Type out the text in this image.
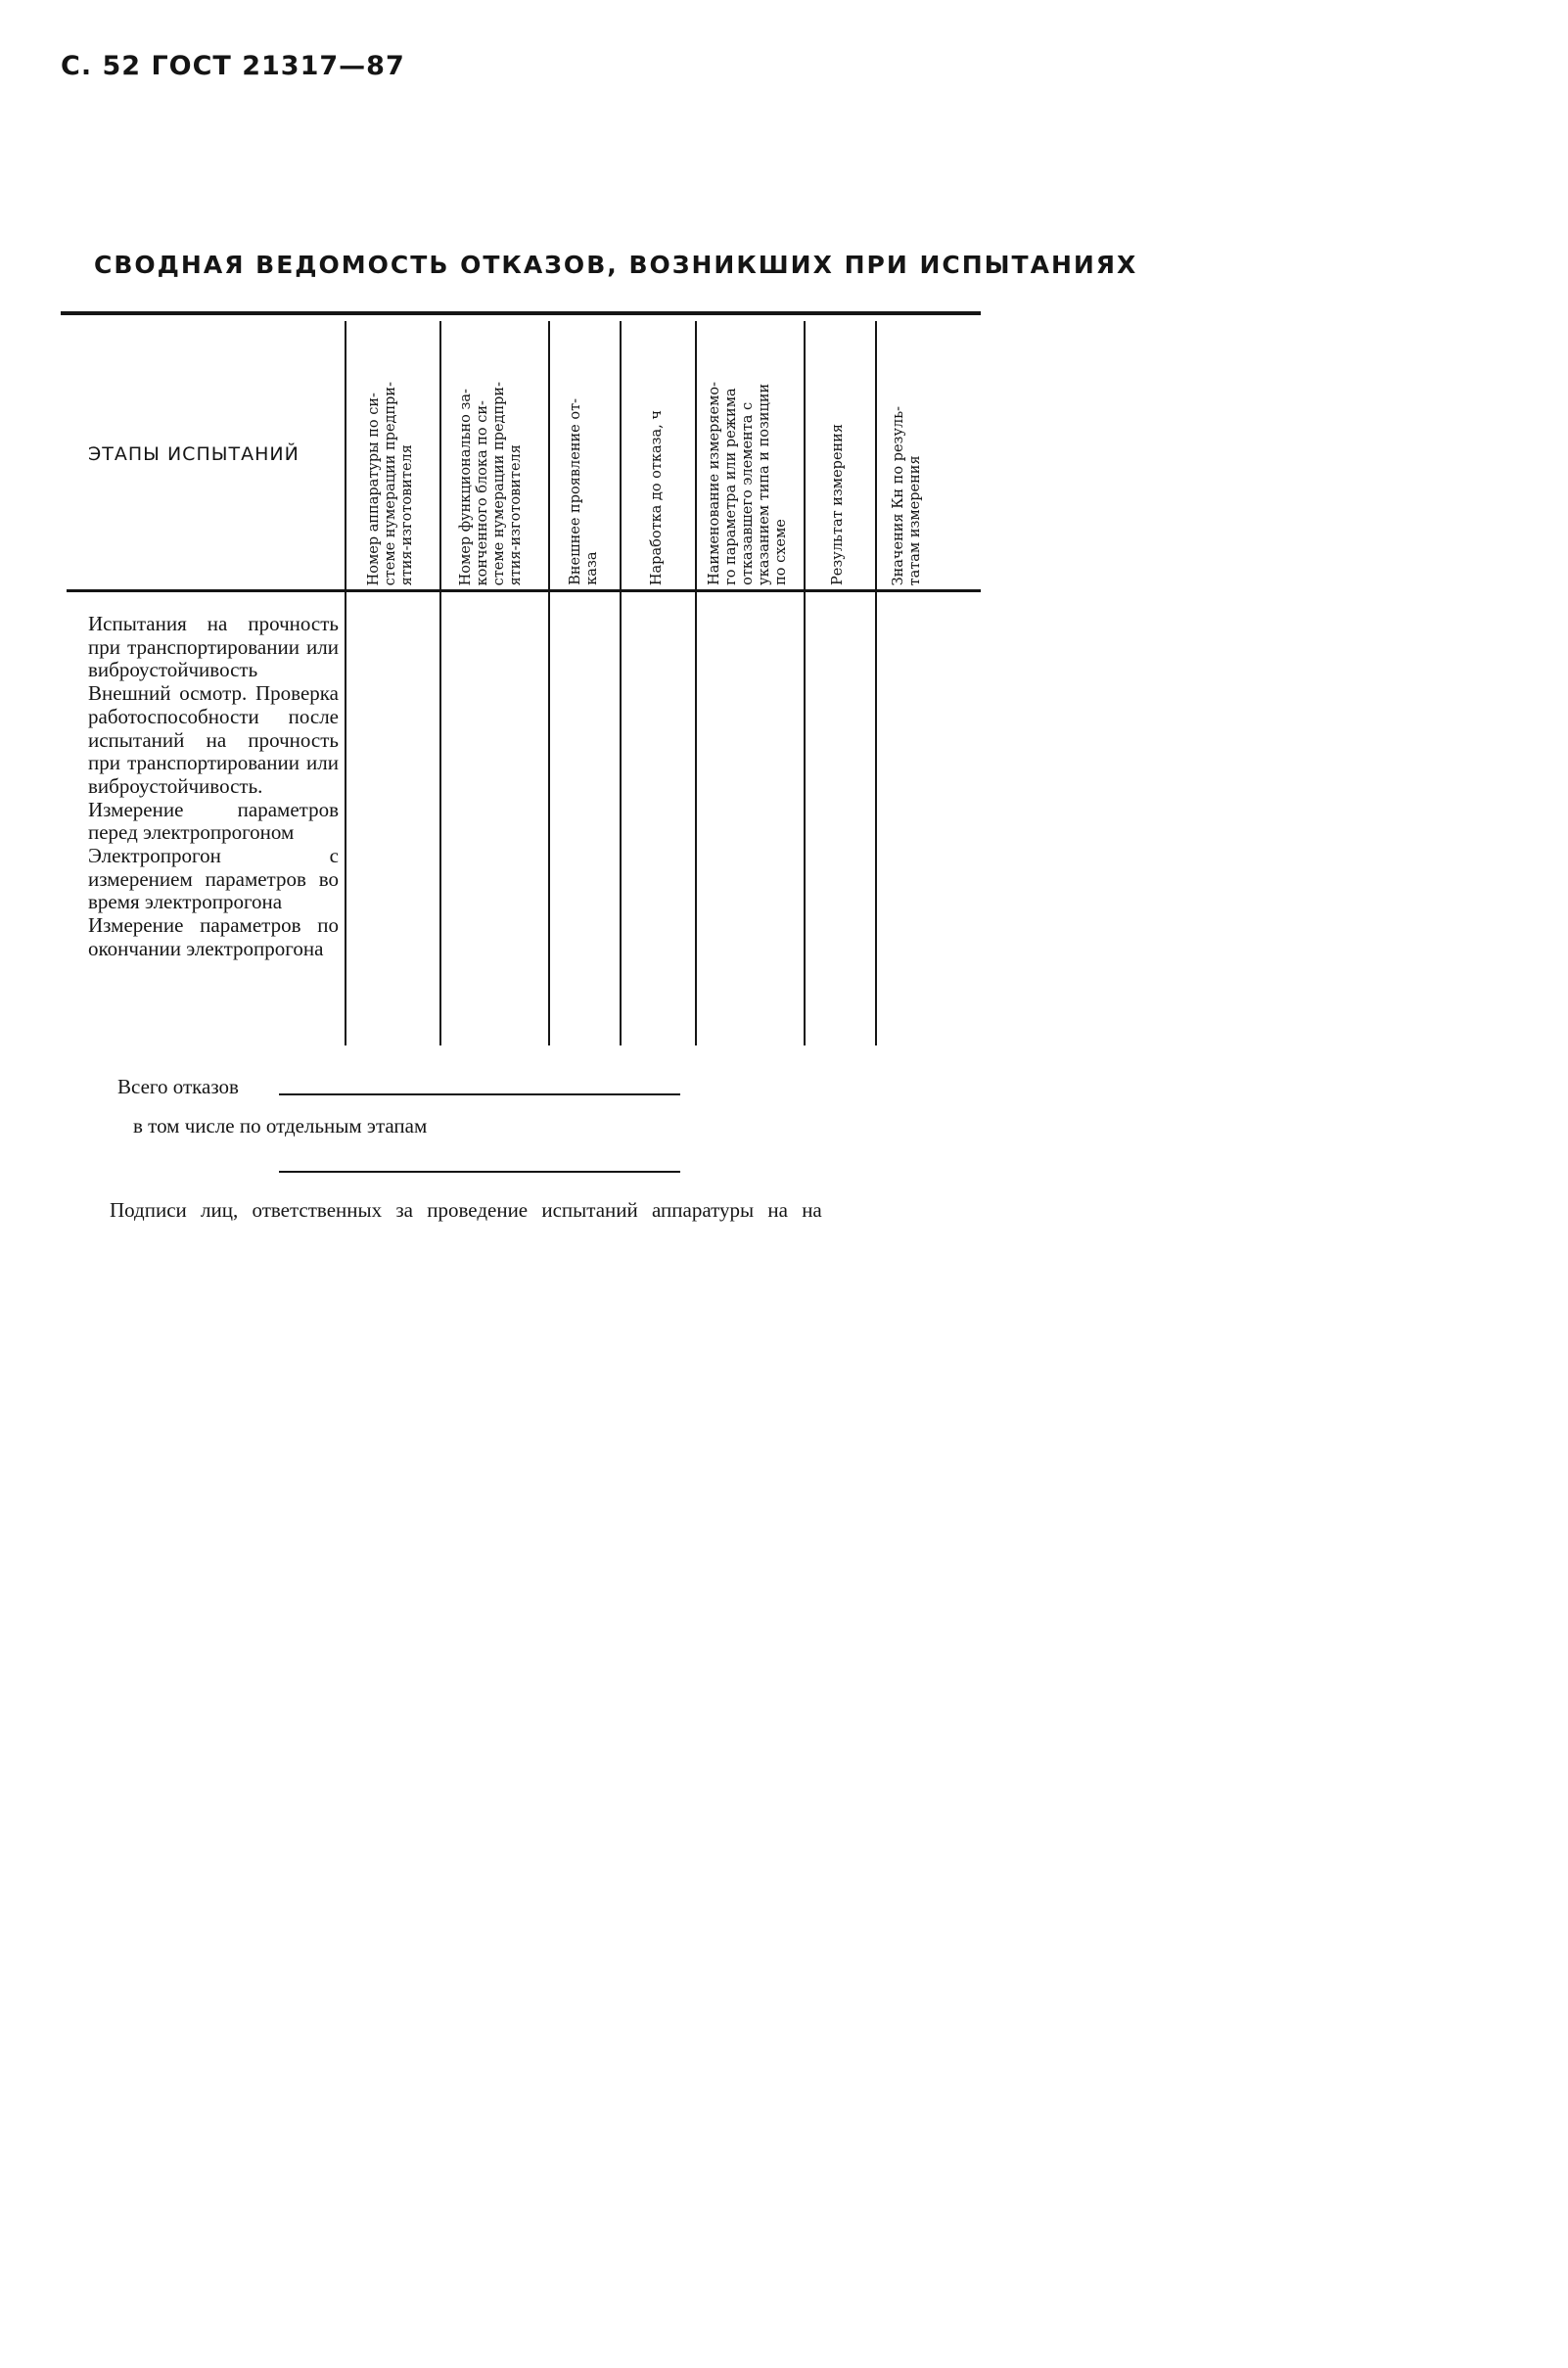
С. 52 ГОСТ 21317—87
СВОДНАЯ ВЕДОМОСТЬ ОТКАЗОВ, ВОЗНИКШИХ ПРИ ИСПЫТАНИЯХ
ЭТАПЫ ИСПЫТАНИЙ	Номер аппаратуры по си- стеме нумерации предпри- ятия-изготовителя	Номер функционально за- конченного блока по си- стеме нумерации предпри- ятия-изготовителя	Внешнее проявление от- каза	Наработка до отказа, ч	Наименование измеряемо- го параметра или режима отказавшего элемента с указанием типа и позиции по схеме	Результат измерения	Значения Кн по резуль- татам измерения
Испытания на прочность при транспортировании или виброустойчивость
Внешний осмотр. Проверка работоспособности после испытаний на прочность при транспортировании или виброустойчивость. Измерение параметров перед электропрогоном
Электропрогон с измерением параметров во время электропрогона
Измерение параметров по окончании электропрогона
Всего отказов
в том числе по отдельным этапам
Подписи лиц, ответственных за проведение испытаний аппаратуры на на
